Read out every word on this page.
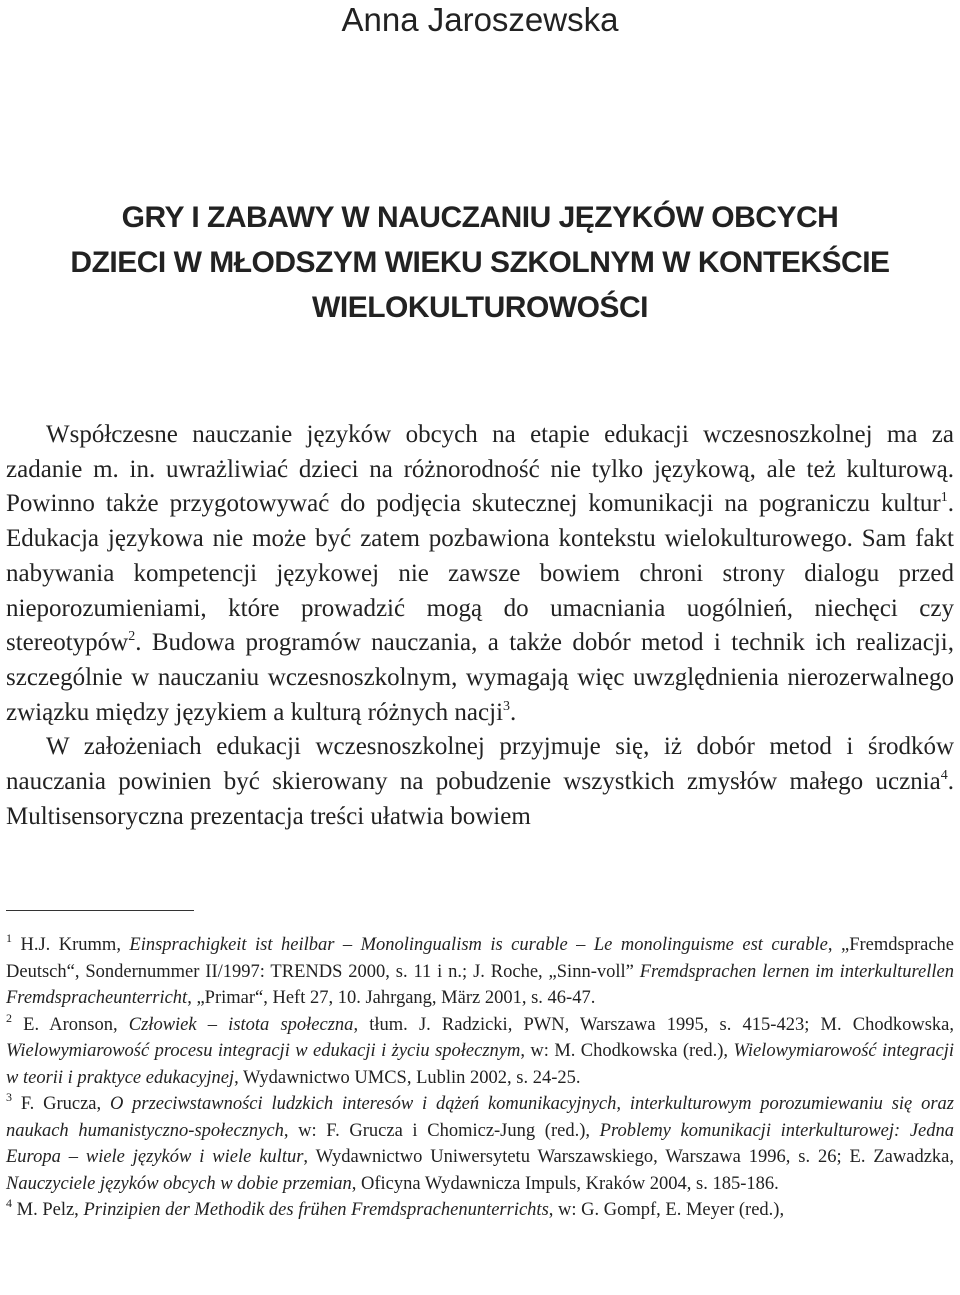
Anna Jaroszewska
GRY I ZABAWY W NAUCZANIU JĘZYKÓW OBCYCH
DZIECI W MŁODSZYM WIEKU SZKOLNYM W KONTEKŚCIE
WIELOKULTUROWOŚCI

Współczesne nauczanie języków obcych na etapie edukacji wczesnoszkolnej ma za zadanie m. in. uwrażliwiać dzieci na różnorodność nie tylko językową, ale też kulturową. Powinno także przygotowywać do podjęcia skutecznej komunikacji na pograniczu kultur$^1$. Edukacja językowa nie może być zatem pozbawiona kontekstu wielokulturowego. Sam fakt nabywania kompetencji językowej nie zawsze bowiem chroni strony dialogu przed nieporozumieniami, które prowadzić mogą do umacniania uogólnień, niechęci czy stereotypów$^2$. Budowa programów nauczania, a także dobór metod i technik ich realizacji, szczególnie w nauczaniu wczesnoszkolnym, wymagają więc uwzględnienia nierozerwalnego związku między językiem a kulturą różnych nacji$^3$.

W założeniach edukacji wczesnoszkolnej przyjmuje się, iż dobór metod i środków nauczania powinien być skierowany na pobudzenie wszystkich zmysłów małego ucznia$^4$. Multisensoryczna prezentacja treści ułatwia bowiem

$^1$ H.J. Krumm, Einsprachigkeit ist heilbar – Monolingualism is curable – Le monolinguisme est curable, „Fremdsprache Deutsch“, Sondernummer II/1997: TRENDS 2000, s. 11 i n.; J. Roche, „Sinn-voll” Fremdsprachen lernen im interkulturellen Fremdspracheunterricht, „Primar“, Heft 27, 10. Jahrgang, März 2001, s. 46-47.

$^2$ E. Aronson, Człowiek – istota społeczna, tłum. J. Radzicki, PWN, Warszawa 1995, s. 415-423; M. Chodkowska, Wielowymiarowość procesu integracji w edukacji i życiu społecznym, w: M. Chodkowska (red.), Wielowymiarowość integracji w teorii i praktyce edukacyjnej, Wydawnictwo UMCS, Lublin 2002, s. 24-25.

$^3$ F. Grucza, O przeciwstawności ludzkich interesów i dążeń komunikacyjnych, interkulturowym porozumiewaniu się oraz naukach humanistyczno-społecznych, w: F. Grucza i Chomicz-Jung (red.), Problemy komunikacji interkulturowej: Jedna Europa – wiele języków i wiele kultur, Wydawnictwo Uniwersytetu Warszawskiego, Warszawa 1996, s. 26; E. Zawadzka, Nauczyciele języków obcych w dobie przemian, Oficyna Wydawnicza Impuls, Kraków 2004, s. 185-186.

$^4$ M. Pelz, Prinzipien der Methodik des frühen Fremdsprachenunterrichts, w: G. Gompf, E. Meyer (red.),
